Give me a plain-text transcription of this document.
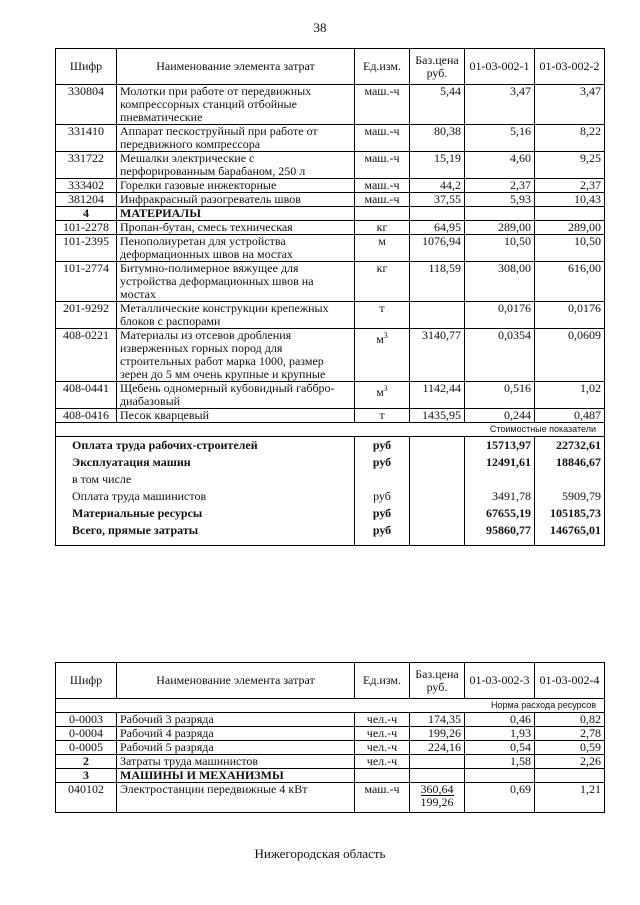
38
Шифр	Наименование элемента затрат	Ед.изм.	Баз.цена руб.	01-03-002-1	01-03-002-2
330804	Молотки при работе от передвижных компрессорных станций отбойные пневматические	маш.-ч	5,44	3,47	3,47
331410	Аппарат пескоструйный при работе от передвижного компрессора	маш.-ч	80,38	5,16	8,22
331722	Мешалки электрические с перфорированным барабаном, 250 л	маш.-ч	15,19	4,60	9,25
333402	Горелки газовые инжекторные	маш.-ч	44,2	2,37	2,37
381204	Инфракрасный разогреватель швов	маш.-ч	37,55	5,93	10,43
4	МАТЕРИАЛЫ				
101-2278	Пропан-бутан, смесь техническая	кг	64,95	289,00	289,00
101-2395	Пенополиуретан для устройства деформационных швов на мостах	м	1076,94	10,50	10,50
101-2774	Битумно-полимерное вяжущее для устройства деформационных швов на мостах	кг	118,59	308,00	616,00
201-9292	Металлические конструкции крепежных блоков с распорами	т		0,0176	0,0176
408-0221	Материалы из отсевов дробления изверженных горных пород для строительных работ марка 1000, размер зерен до 5 мм очень крупные и крупные	$м^3$	3140,77	0,0354	0,0609
408-0441	Щебень одномерный кубовидный габбро-диабазовый	$м^3$	1142,44	0,516	1,02
408-0416	Песок кварцевый	т	1435,95	0,244	0,487
Стоимостные показатели					
Оплата труда рабочих-строителей		руб		15713,97	22732,61
Эксплуатация машин		руб		12491,61	18846,67
в том числе					
Оплата труда машинистов		руб		3491,78	5909,79
Материальные ресурсы		руб		67655,19	105185,73
Всего, прямые затраты		руб		95860,77	146765,01

Шифр	Наименование элемента затрат	Ед.изм.	Баз.цена руб.	01-03-002-3	01-03-002-4
Норма расхода ресурсов					
0-0003	Рабочий 3 разряда	чел.-ч	174,35	0,46	0,82
0-0004	Рабочий 4 разряда	чел.-ч	199,26	1,93	2,78
0-0005	Рабочий 5 разряда	чел.-ч	224,16	0,54	0,59
2	Затраты труда машинистов	чел.-ч		1,58	2,26
3	МАШИНЫ И МЕХАНИЗМЫ				
040102	Электростанции передвижные 4 кВт	маш.-ч	$\frac{360,64}{199,26}$	0,69	1,21
Нижегородская область
